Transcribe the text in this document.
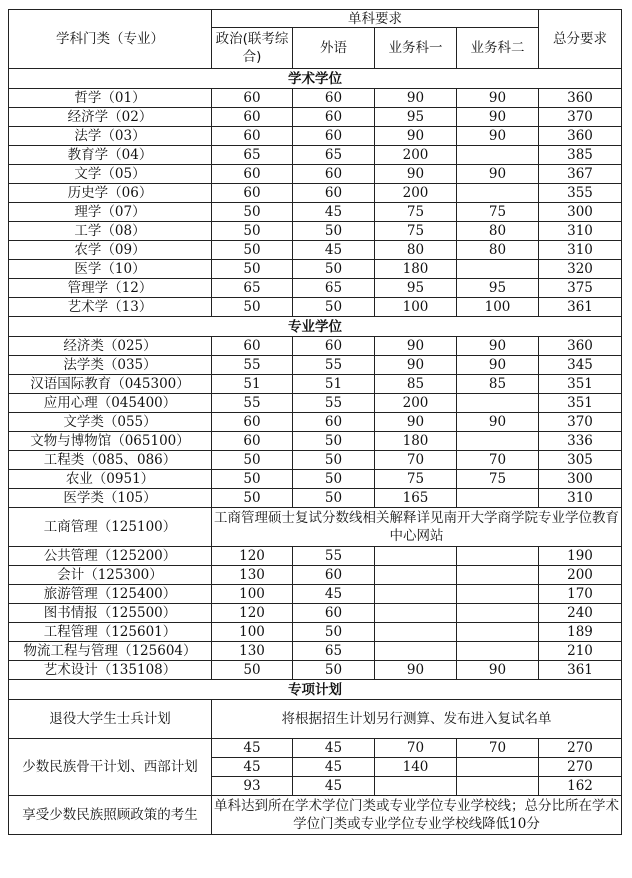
学科门类（专业）	单科要求				总分要求
	政治(联考综合)	外语	业务科一	业务科二	
学术学位					
哲学（01）	60	60	90	90	360
经济学（02）	60	60	95	90	370
法学（03）	60	60	90	90	360
教育学（04）	65	65	200		385
文学（05）	60	60	90	90	367
历史学（06）	60	60	200		355
理学（07）	50	45	75	75	300
工学（08）	50	50	75	80	310
农学（09）	50	45	80	80	310
医学（10）	50	50	180		320
管理学（12）	65	65	95	95	375
艺术学（13）	50	50	100	100	361
专业学位					
经济类（025）	60	60	90	90	360
法学类（035）	55	55	90	90	345
汉语国际教育（045300）	51	51	85	85	351
应用心理（045400）	55	55	200		351
文学类（055）	60	60	90	90	370
文物与博物馆（065100）	60	50	180		336
工程类（085、086）	50	50	70	70	305
农业（0951）	50	50	75	75	300
医学类（105）	50	50	165		310
工商管理（125100）	工商管理硕士复试分数线相关解释详见南开大学商学院专业学位教育中心网站				
公共管理（125200）	120	55			190
会计（125300）	130	60			200
旅游管理（125400）	100	45			170
图书情报（125500）	120	60			240
工程管理（125601）	100	50			189
物流工程与管理（125604）	130	65			210
艺术设计（135108）	50	50	90	90	361
专项计划					
退役大学生士兵计划	将根据招生计划另行测算、发布进入复试名单				
少数民族骨干计划、西部计划	45	45	70	70	270
	45	45	140		270
	93	45			162
享受少数民族照顾政策的考生	单科达到所在学术学位门类或专业学位专业学校线；总分比所在学术学位门类或专业学位专业学校线降低10分				
